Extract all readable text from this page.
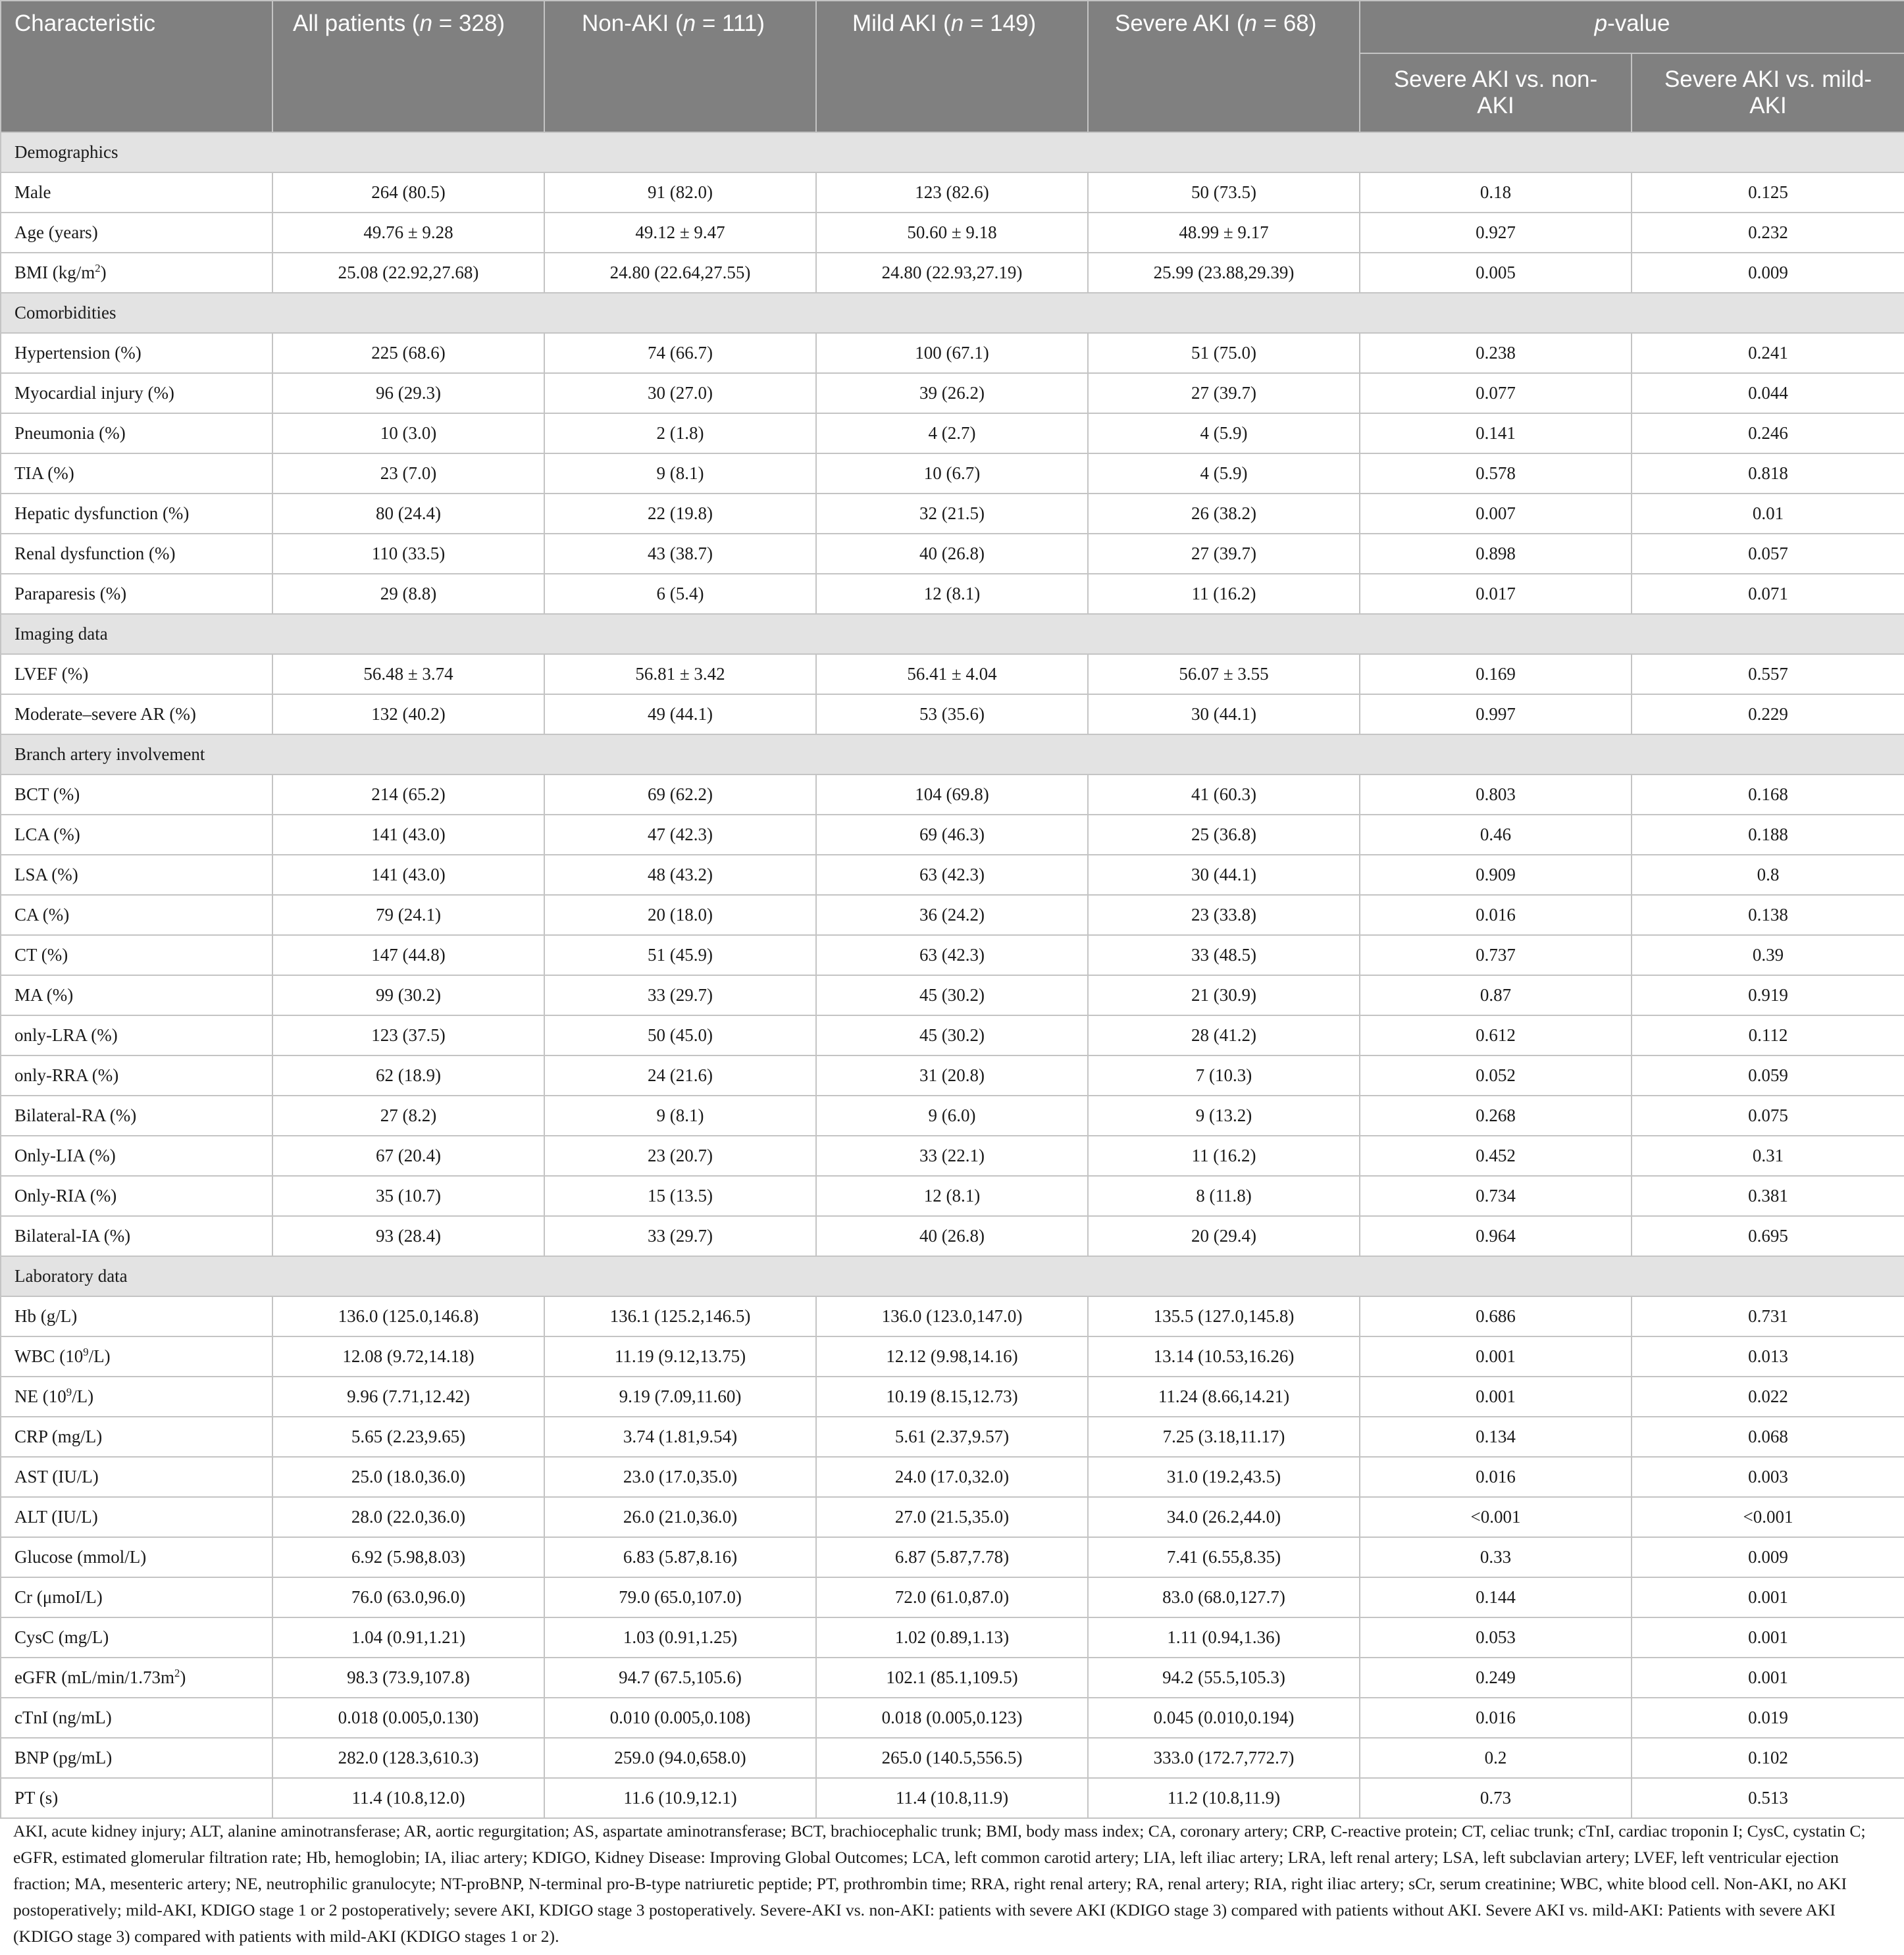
Characteristic	All patients (n = 328)	Non-AKI (n = 111)	Mild AKI (n = 149)	Severe AKI (n = 68)	p-value	
					Severe AKI vs. non-AKI	Severe AKI vs. mild-AKI
Demographics						
Male	264 (80.5)	91 (82.0)	123 (82.6)	50 (73.5)	0.18	0.125
Age (years)	49.76 ± 9.28	49.12 ± 9.47	50.60 ± 9.18	48.99 ± 9.17	0.927	0.232
BMI $(kg/m^2)$	25.08 (22.92,27.68)	24.80 (22.64,27.55)	24.80 (22.93,27.19)	25.99 (23.88,29.39)	0.005	0.009
Comorbidities						
Hypertension (%)	225 (68.6)	74 (66.7)	100 (67.1)	51 (75.0)	0.238	0.241
Myocardial injury (%)	96 (29.3)	30 (27.0)	39 (26.2)	27 (39.7)	0.077	0.044
Pneumonia (%)	10 (3.0)	2 (1.8)	4 (2.7)	4 (5.9)	0.141	0.246
TIA (%)	23 (7.0)	9 (8.1)	10 (6.7)	4 (5.9)	0.578	0.818
Hepatic dysfunction (%)	80 (24.4)	22 (19.8)	32 (21.5)	26 (38.2)	0.007	0.01
Renal dysfunction (%)	110 (33.5)	43 (38.7)	40 (26.8)	27 (39.7)	0.898	0.057
Paraparesis (%)	29 (8.8)	6 (5.4)	12 (8.1)	11 (16.2)	0.017	0.071
Imaging data						
LVEF (%)	56.48 ± 3.74	56.81 ± 3.42	56.41 ± 4.04	56.07 ± 3.55	0.169	0.557
Moderate–severe AR (%)	132 (40.2)	49 (44.1)	53 (35.6)	30 (44.1)	0.997	0.229
Branch artery involvement						
BCT (%)	214 (65.2)	69 (62.2)	104 (69.8)	41 (60.3)	0.803	0.168
LCA (%)	141 (43.0)	47 (42.3)	69 (46.3)	25 (36.8)	0.46	0.188
LSA (%)	141 (43.0)	48 (43.2)	63 (42.3)	30 (44.1)	0.909	0.8
CA (%)	79 (24.1)	20 (18.0)	36 (24.2)	23 (33.8)	0.016	0.138
CT (%)	147 (44.8)	51 (45.9)	63 (42.3)	33 (48.5)	0.737	0.39
MA (%)	99 (30.2)	33 (29.7)	45 (30.2)	21 (30.9)	0.87	0.919
only-LRA (%)	123 (37.5)	50 (45.0)	45 (30.2)	28 (41.2)	0.612	0.112
only-RRA (%)	62 (18.9)	24 (21.6)	31 (20.8)	7 (10.3)	0.052	0.059
Bilateral-RA (%)	27 (8.2)	9 (8.1)	9 (6.0)	9 (13.2)	0.268	0.075
Only-LIA (%)	67 (20.4)	23 (20.7)	33 (22.1)	11 (16.2)	0.452	0.31
Only-RIA (%)	35 (10.7)	15 (13.5)	12 (8.1)	8 (11.8)	0.734	0.381
Bilateral-IA (%)	93 (28.4)	33 (29.7)	40 (26.8)	20 (29.4)	0.964	0.695
Laboratory data						
Hb (g/L)	136.0 (125.0,146.8)	136.1 (125.2,146.5)	136.0 (123.0,147.0)	135.5 (127.0,145.8)	0.686	0.731
WBC $(10^9/L)$	12.08 (9.72,14.18)	11.19 (9.12,13.75)	12.12 (9.98,14.16)	13.14 (10.53,16.26)	0.001	0.013
NE $(10^9/L)$	9.96 (7.71,12.42)	9.19 (7.09,11.60)	10.19 (8.15,12.73)	11.24 (8.66,14.21)	0.001	0.022
CRP (mg/L)	5.65 (2.23,9.65)	3.74 (1.81,9.54)	5.61 (2.37,9.57)	7.25 (3.18,11.17)	0.134	0.068
AST (IU/L)	25.0 (18.0,36.0)	23.0 (17.0,35.0)	24.0 (17.0,32.0)	31.0 (19.2,43.5)	0.016	0.003
ALT (IU/L)	28.0 (22.0,36.0)	26.0 (21.0,36.0)	27.0 (21.5,35.0)	34.0 (26.2,44.0)	<0.001	<0.001
Glucose (mmol/L)	6.92 (5.98,8.03)	6.83 (5.87,8.16)	6.87 (5.87,7.78)	7.41 (6.55,8.35)	0.33	0.009
Cr (μmoI/L)	76.0 (63.0,96.0)	79.0 (65.0,107.0)	72.0 (61.0,87.0)	83.0 (68.0,127.7)	0.144	0.001
CysC (mg/L)	1.04 (0.91,1.21)	1.03 (0.91,1.25)	1.02 (0.89,1.13)	1.11 (0.94,1.36)	0.053	0.001
eGFR $(mL/\min/1.73m^2)$	98.3 (73.9,107.8)	94.7 (67.5,105.6)	102.1 (85.1,109.5)	94.2 (55.5,105.3)	0.249	0.001
cTnI (ng/mL)	0.018 (0.005,0.130)	0.010 (0.005,0.108)	0.018 (0.005,0.123)	0.045 (0.010,0.194)	0.016	0.019
BNP (pg/mL)	282.0 (128.3,610.3)	259.0 (94.0,658.0)	265.0 (140.5,556.5)	333.0 (172.7,772.7)	0.2	0.102
PT (s)	11.4 (10.8,12.0)	11.6 (10.9,12.1)	11.4 (10.8,11.9)	11.2 (10.8,11.9)	0.73	0.513
AKI, acute kidney injury; ALT, alanine aminotransferase; AR, aortic regurgitation; AS, aspartate aminotransferase; BCT, brachiocephalic trunk; BMI, body mass index; CA, coronary artery; CRP, C-reactive protein; CT, celiac trunk; cTnI, cardiac troponin I; CysC, cystatin C; eGFR, estimated glomerular filtration rate; Hb, hemoglobin; IA, iliac artery; KDIGO, Kidney Disease: Improving Global Outcomes; LCA, left common carotid artery; LIA, left iliac artery; LRA, left renal artery; LSA, left subclavian artery; LVEF, left ventricular ejection fraction; MA, mesenteric artery; NE, neutrophilic granulocyte; NT-proBNP, N-terminal pro-B-type natriuretic peptide; PT, prothrombin time; RRA, right renal artery; RA, renal artery; RIA, right iliac artery; sCr, serum creatinine; WBC, white blood cell. Non-AKI, no AKI postoperatively; mild-AKI, KDIGO stage 1 or 2 postoperatively; severe AKI, KDIGO stage 3 postoperatively. Severe-AKI vs. non-AKI: patients with severe AKI (KDIGO stage 3) compared with patients without AKI. Severe AKI vs. mild-AKI: Patients with severe AKI (KDIGO stage 3) compared with patients with mild-AKI (KDIGO stages 1 or 2).
